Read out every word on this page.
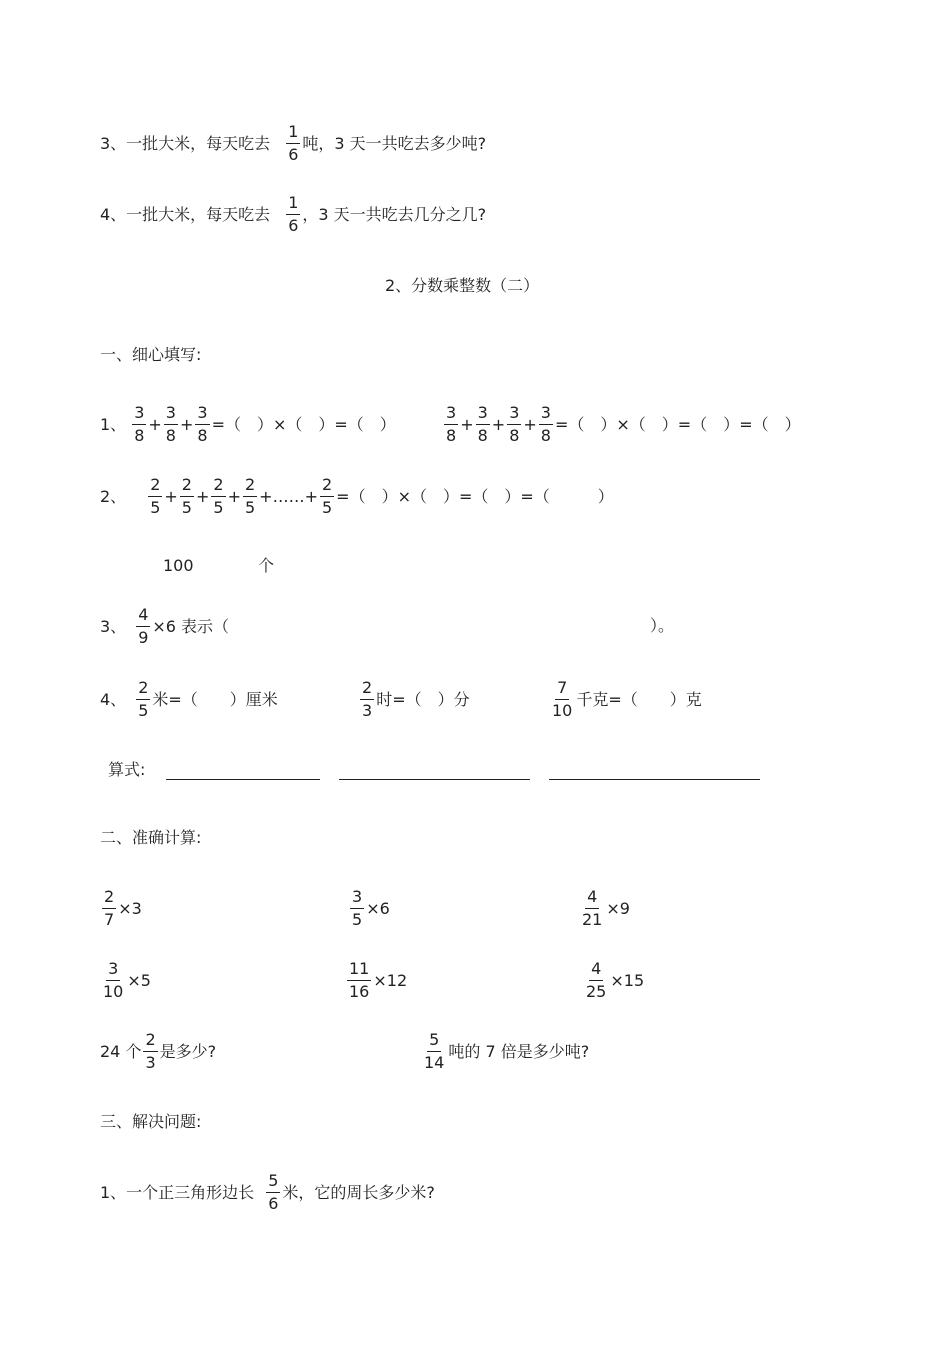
3、一批大米，每天吃去 $\frac{1}{6}$ 吨，3 天一共吃去多少吨?
4、一批大米，每天吃去 $\frac{1}{6}$ ，3 天一共吃去几分之几?
2、分数乘整数（二）
一、细心填写:
1、 $\frac{3}{8} + \frac{3}{8} + \frac{3}{8}$ = （　）×（　）=（　）	$\frac{3}{8} + \frac{3}{8} + \frac{3}{8} + \frac{3}{8}$ = （　）×（　）=（　）=（　）
2、 $\frac{2}{5} + \frac{2}{5} + \frac{2}{5} + \frac{2}{5}$ +……+ $\frac{2}{5}$ = （　）×（　）=（　）=（　　　）
100	个
3、 $\frac{4}{9} \times 6$ 表示（	）。
4、 $\frac{2}{5}$ 米=（　　）厘米	$\frac{2}{3}$ 时=（　）分	$\frac{7}{10}$ 千克=（　　）克
算式:
二、准确计算:
$\frac{2}{7} \times 3$	$\frac{3}{5} \times 6$	$\frac{4}{21} \times 9$
$\frac{3}{10} \times 5$	$\frac{11}{16} \times 12$	$\frac{4}{25} \times 15$
24 个 $\frac{2}{3}$ 是多少?	$\frac{5}{14}$ 吨的 7 倍是多少吨?
三、解决问题:
1、一个正三角形边长 $\frac{5}{6}$ 米，它的周长多少米?
